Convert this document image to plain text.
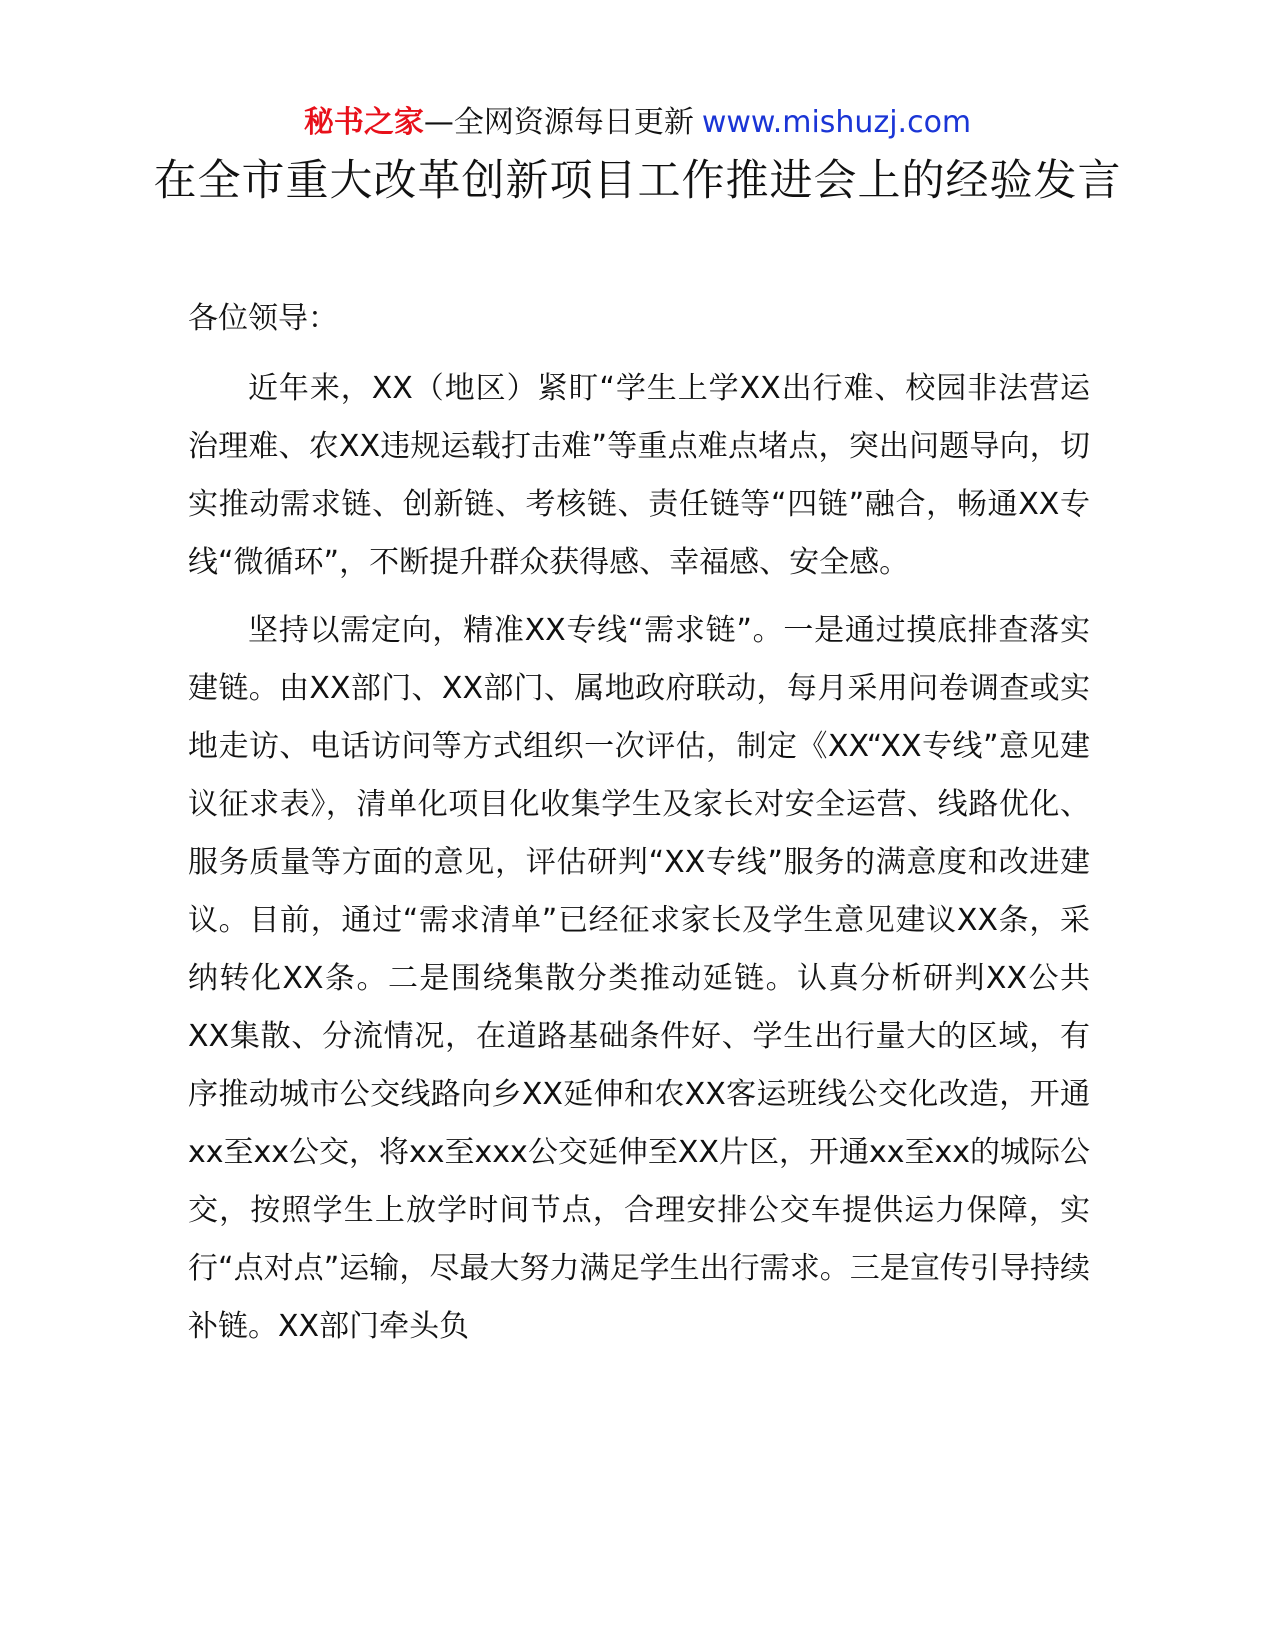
秘书之家—全网资源每日更新 www.mishuzj.com
在全市重大改革创新项目工作推进会上的经验发言

各位领导：

近年来，XX（地区）紧盯“学生上学XX出行难、校园非法营运治理难、农XX违规运载打击难”等重点难点堵点，突出问题导向，切实推动需求链、创新链、考核链、责任链等“四链”融合，畅通XX专线“微循环”，不断提升群众获得感、幸福感、安全感。

坚持以需定向，精准XX专线“需求链”。一是通过摸底排查落实建链。由XX部门、XX部门、属地政府联动，每月采用问卷调查或实地走访、电话访问等方式组织一次评估，制定《XX“XX专线”意见建议征求表》，清单化项目化收集学生及家长对安全运营、线路优化、服务质量等方面的意见，评估研判“XX专线”服务的满意度和改进建议。目前，通过“需求清单”已经征求家长及学生意见建议XX条，采纳转化XX条。二是围绕集散分类推动延链。认真分析研判XX公共XX集散、分流情况，在道路基础条件好、学生出行量大的区域，有序推动城市公交线路向乡XX延伸和农XX客运班线公交化改造，开通xx至xx公交，将xx至xxx公交延伸至XX片区，开通xx至xx的城际公交，按照学生上放学时间节点，合理安排公交车提供运力保障，实行“点对点”运输，尽最大努力满足学生出行需求。三是宣传引导持续补链。XX部门牵头负
